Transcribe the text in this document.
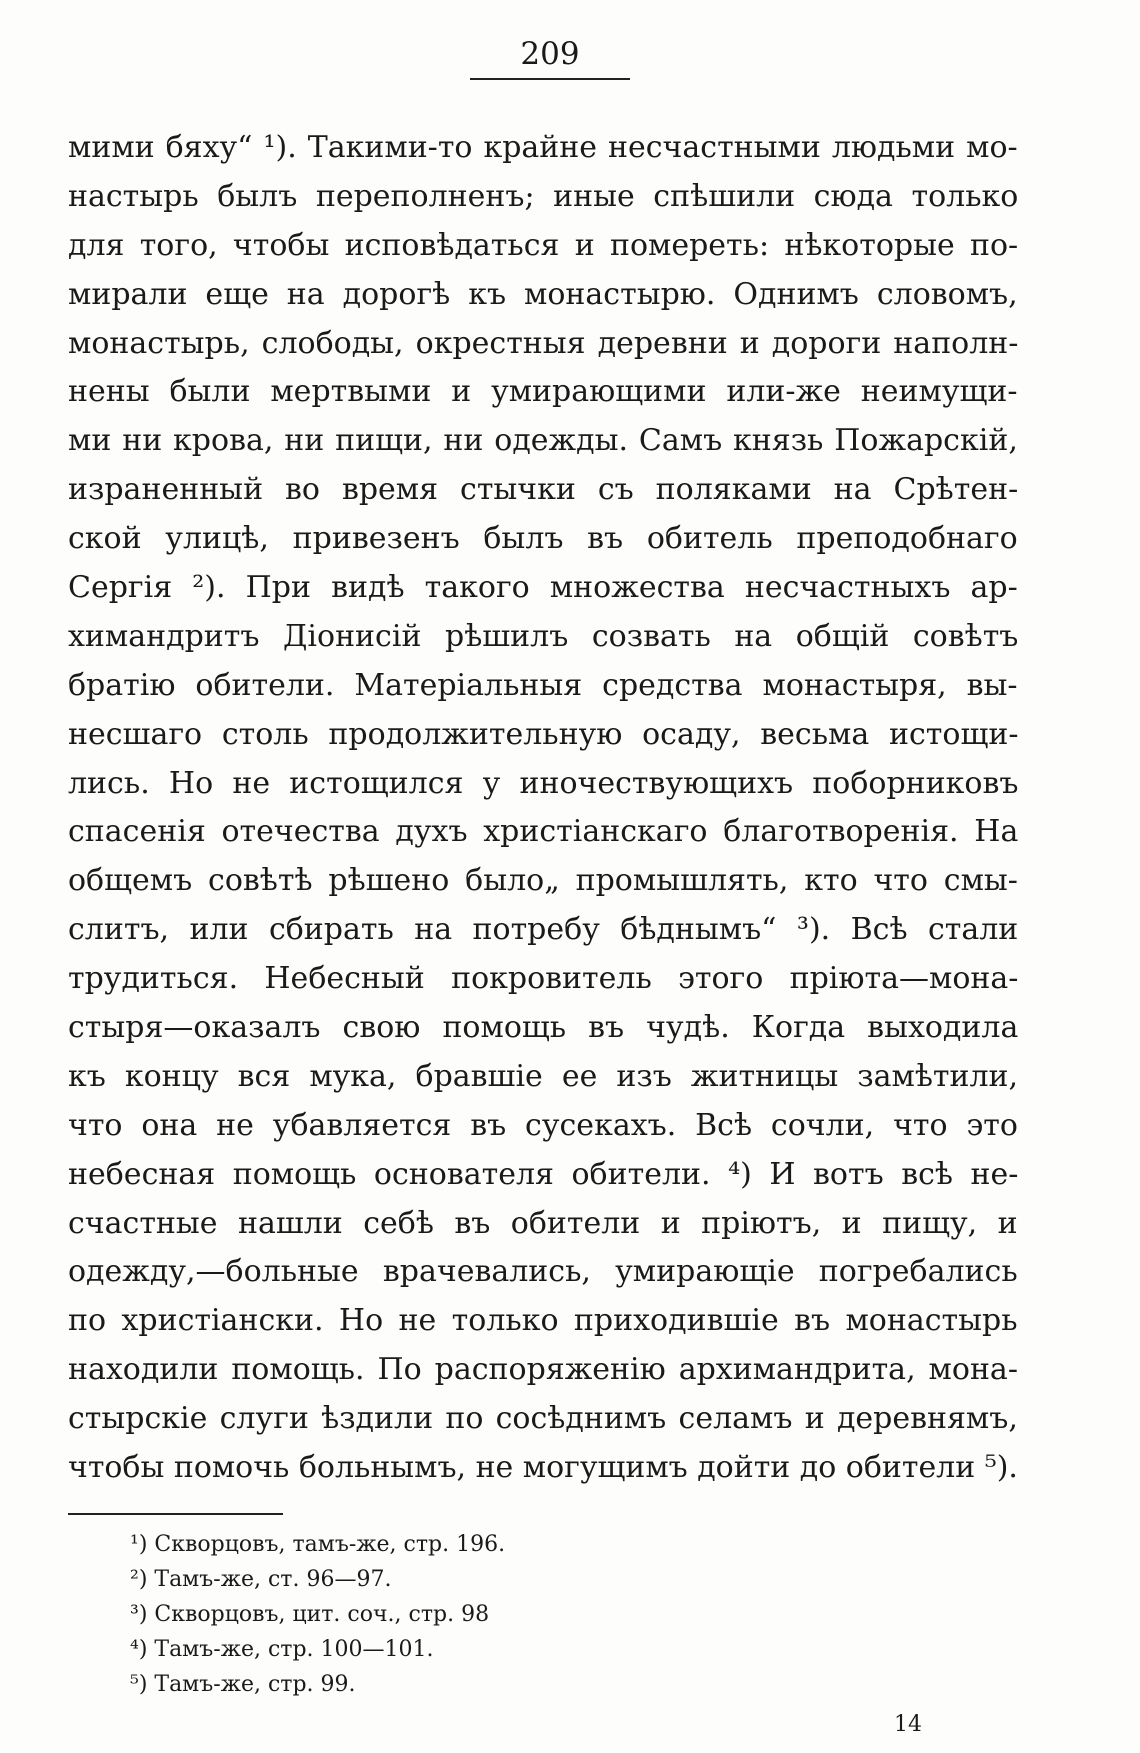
209
мими бяху“ ¹). Такими-то крайне несчастными людьми мо-
настырь былъ переполненъ; иные спѣшили сюда только
для того, чтобы исповѣдаться и помереть: нѣкоторые по-
мирали еще на дорогѣ къ монастырю. Однимъ словомъ,
монастырь, слободы, окрестныя деревни и дороги наполн-
нены были мертвыми и умирающими или-же неимущи-
ми ни крова, ни пищи, ни одежды. Самъ князь Пожарскій,
израненный во время стычки съ поляками на Срѣтен-
ской улицѣ, привезенъ былъ въ обитель преподобнаго
Сергія ²). При видѣ такого множества несчастныхъ ар-
химандритъ Діонисій рѣшилъ созвать на общій совѣтъ
братію обители. Матеріальныя средства монастыря, вы-
несшаго столь продолжительную осаду, весьма истощи-
лись. Но не истощился у иночествующихъ поборниковъ
спасенія отечества духъ христіанскаго благотворенія. На
общемъ совѣтѣ рѣшено было„ промышлять, кто что смы-
слитъ, или сбирать на потребу бѣднымъ“ ³). Всѣ стали
трудиться. Небесный покровитель этого пріюта—мона-
стыря—оказалъ свою помощь въ чудѣ. Когда выходила
къ концу вся мука, бравшіе ее изъ житницы замѣтили,
что она не убавляется въ сусекахъ. Всѣ сочли, что это
небесная помощь основателя обители. ⁴) И вотъ всѣ не-
счастные нашли себѣ въ обители и пріютъ, и пищу, и
одежду,—больные врачевались, умирающіе погребались
по христіански. Но не только приходившіе въ монастырь
находили помощь. По распоряженію архимандрита, мона-
стырскіе слуги ѣздили по сосѣднимъ селамъ и деревнямъ,
чтобы помочь больнымъ, не могущимъ дойти до обители ⁵).
¹) Скворцовъ, тамъ-же, стр. 196.
²) Тамъ-же, ст. 96—97.
³) Скворцовъ, цит. соч., стр. 98
⁴) Тамъ-же, стр. 100—101.
⁵) Тамъ-же, стр. 99.
14
